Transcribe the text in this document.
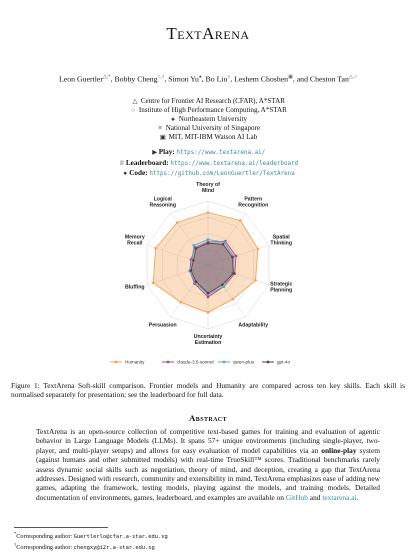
TextArena
Leon Guertler△,*, Bobby Cheng○,†, Simon Yu♠, Bo Liu≡, Leshem Choshen▣, and Cheston Tan△,○
△ Centre for Frontier AI Research (CFAR), A*STAR
○ Institute of High Performance Computing, A*STAR
♠ Northeastern University
≡ National University of Singapore
▣ MIT, MIT-IBM Watson AI Lab
▶ Play: https://www.textarena.ai/
♕Leaderboard: https://www.textarena.ai/leaderboard
● Code: https://github.com/LeonGuertler/TextArena
Theory of Mind
Pattern Recognition
Spatial Thinking
Strategic Planning
Adaptability
Uncertainty Estimation
Persuasion
Bluffing
Memory Recall
Logical Reasoning
Humanity	claude-3.5-sonnet	qwen-plus	gpt-4o
Figure 1: TextArena Soft-skill comparison. Frontier models and Humanity are compared across ten key skills. Each skill is normalised separately for presentation; see the leaderboard for full data.
Abstract
TextArena is an open-source collection of competitive text-based games for training and evaluation of agentic behavior in Large Language Models (LLMs). It spans 57+ unique environments (including single-player, two-player, and multi-player setups) and allows for easy evaluation of model capabilities via an online-play system (against humans and other submitted models) with real-time TrueSkill™ scores. Traditional benchmarks rarely assess dynamic social skills such as negotiation, theory of mind, and deception, creating a gap that TextArena addresses. Designed with research, community and extensibility in mind, TextArena emphasizes ease of adding new games, adapting the framework, testing models, playing against the models, and training models. Detailed documentation of environments, games, leaderboard, and examples are available on GitHub and textarena.ai.
*Corresponding author: Guertlerlo@cfar.a-star.edu.sg
†Corresponding author: chengxy@i2r.a-star.edu.sg
